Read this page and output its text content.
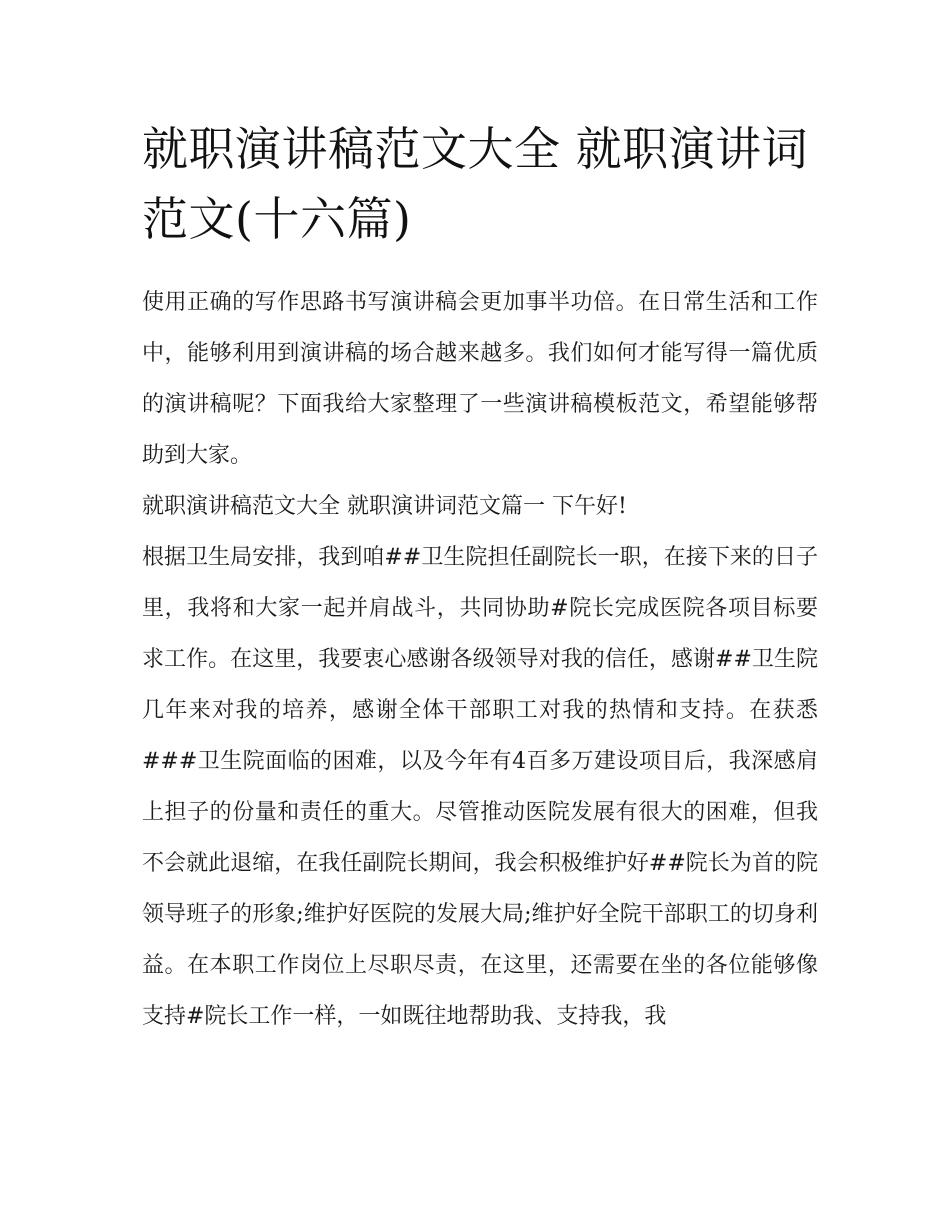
就职演讲稿范文大全 就职演讲词范文(十六篇)

使用正确的写作思路书写演讲稿会更加事半功倍。在日常生活和工作中，能够利用到演讲稿的场合越来越多。我们如何才能写得一篇优质的演讲稿呢？下面我给大家整理了一些演讲稿模板范文，希望能够帮助到大家。

就职演讲稿范文大全 就职演讲词范文篇一 下午好!

根据卫生局安排，我到咱##卫生院担任副院长一职，在接下来的日子里，我将和大家一起并肩战斗，共同协助#院长完成医院各项目标要求工作。在这里，我要衷心感谢各级领导对我的信任，感谢##卫生院几年来对我的培养，感谢全体干部职工对我的热情和支持。在获悉###卫生院面临的困难，以及今年有4百多万建设项目后，我深感肩上担子的份量和责任的重大。尽管推动医院发展有很大的困难，但我不会就此退缩，在我任副院长期间，我会积极维护好##院长为首的院领导班子的形象;维护好医院的发展大局;维护好全院干部职工的切身利益。在本职工作岗位上尽职尽责，在这里，还需要在坐的各位能够像支持#院长工作一样，一如既往地帮助我、支持我，我
